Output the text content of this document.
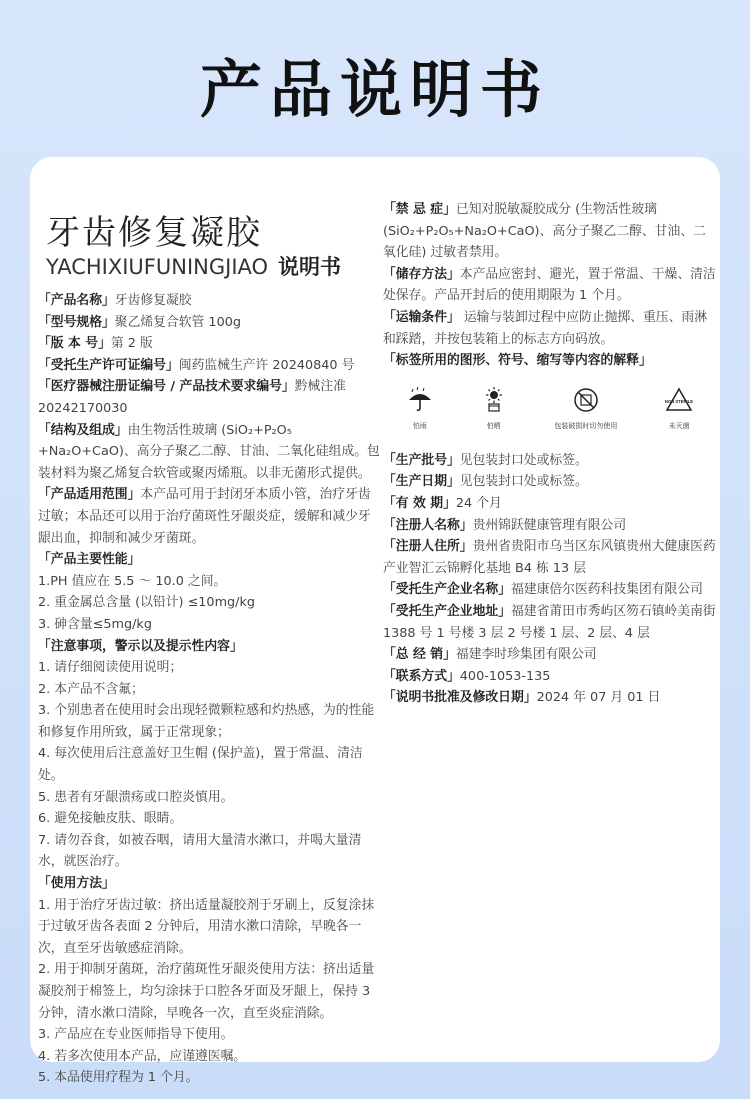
产品说明书
牙齿修复凝胶
YACHIXIUFUNINGJIAO 说明书

「产品名称」牙齿修复凝胶

「型号规格」聚乙烯复合软管 100g

「版 本 号」第 2 版

「受托生产许可证编号」闽药监械生产许 20240840 号

「医疗器械注册证编号 / 产品技术要求编号」黔械注准 20242170030

「结构及组成」由生物活性玻璃 (SiO₂+P₂O₅ +Na₂O+CaO)、高分子聚乙二醇、甘油、二氧化硅组成。包装材料为聚乙烯复合软管或聚丙烯瓶。以非无菌形式提供。

「产品适用范围」本产品可用于封闭牙本质小管，治疗牙齿过敏；本品还可以用于治疗菌斑性牙龈炎症，缓解和减少牙龈出血，抑制和减少牙菌斑。

「产品主要性能」

1.PH 值应在 5.5 ～ 10.0 之间。

2. 重金属总含量 (以铅计) ≤10mg/kg

3. 砷含量≤5mg/kg

「注意事项，警示以及提示性内容」

1. 请仔细阅读使用说明；

2. 本产品不含氟；

3. 个别患者在使用时会出现轻微颗粒感和灼热感，为的性能和修复作用所致，属于正常现象；

4. 每次使用后注意盖好卫生帽 (保护盖)，置于常温、清洁处。

5. 患者有牙龈溃疡或口腔炎慎用。

6. 避免接触皮肤、眼睛。

7. 请勿吞食，如被吞咽，请用大量清水漱口，并喝大量清水，就医治疗。

「使用方法」

1. 用于治疗牙齿过敏：挤出适量凝胶剂于牙刷上，反复涂抹于过敏牙齿各表面 2 分钟后，用清水漱口清除，早晚各一次，直至牙齿敏感症消除。

2. 用于抑制牙菌斑，治疗菌斑性牙龈炎使用方法：挤出适量凝胶剂于棉签上，均匀涂抹于口腔各牙面及牙龈上，保持 3 分钟，清水漱口清除，早晚各一次，直至炎症消除。

3. 产品应在专业医师指导下使用。

4. 若多次使用本产品，应谨遵医嘱。

5. 本品使用疗程为 1 个月。

「禁 忌 症」已知对脱敏凝胶成分 (生物活性玻璃 (SiO₂+P₂O₅+Na₂O+CaO)、高分子聚乙二醇、甘油、二氧化硅) 过敏者禁用。

「储存方法」本产品应密封、避光，置于常温、干燥、清洁处保存。产品开封后的使用期限为 1 个月。

「运输条件」 运输与装卸过程中应防止抛掷、重压、雨淋和踩踏，并按包装箱上的标志方向码放。

「标签所用的图形、符号、缩写等内容的解释」

怕雨	怕晒	包装破损时切勿使用
NON STERILE
未灭菌

「生产批号」见包装封口处或标签。

「生产日期」见包装封口处或标签。

「有 效 期」24 个月

「注册人名称」贵州锦跃健康管理有限公司

「注册人住所」贵州省贵阳市乌当区东风镇贵州大健康医药产业智汇云锦孵化基地 B4 栋 13 层

「受托生产企业名称」福建康倍尔医药科技集团有限公司

「受托生产企业地址」福建省莆田市秀屿区笏石镇岭美南街 1388 号 1 号楼 3 层 2 号楼 1 层、2 层、4 层

「总 经 销」福建李时珍集团有限公司

「联系方式」400-1053-135

「说明书批准及修改日期」2024 年 07 月 01 日
